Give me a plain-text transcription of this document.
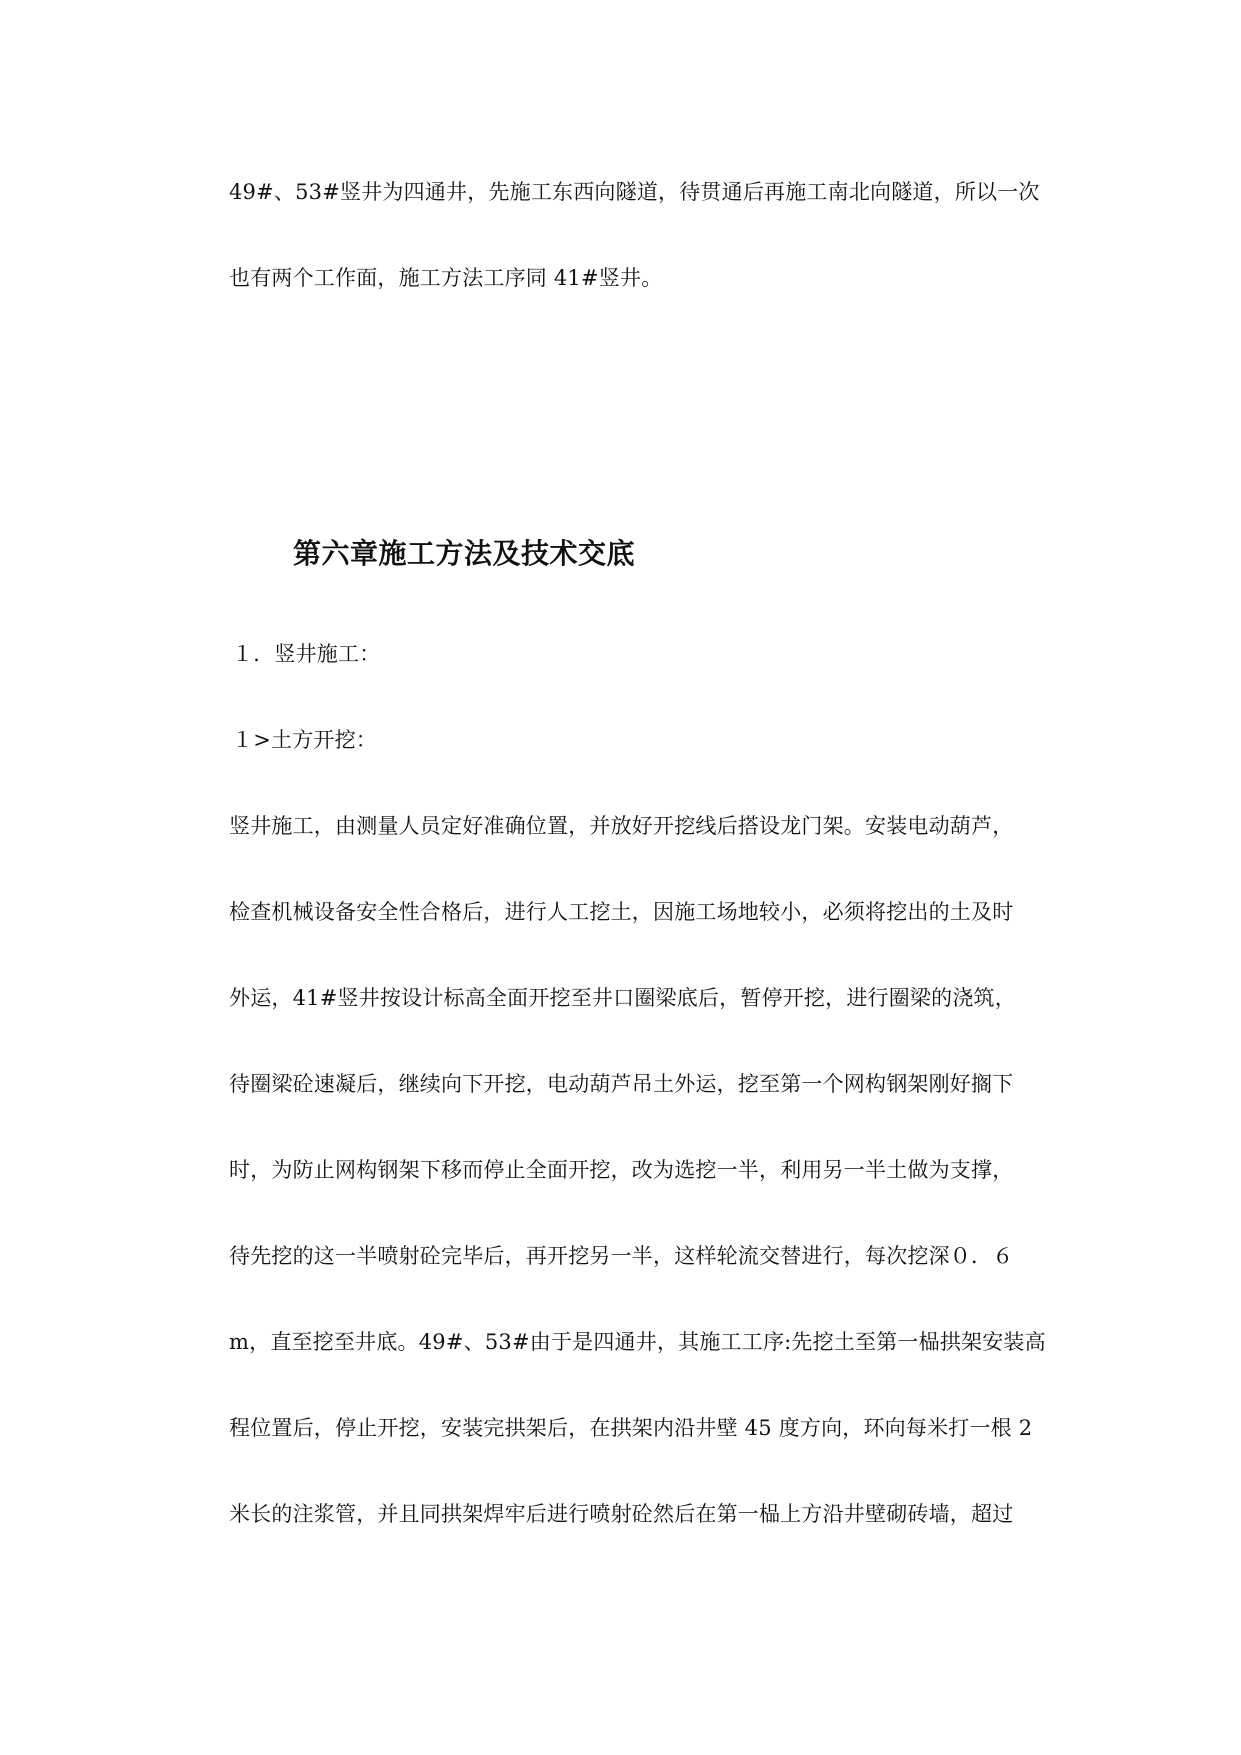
49#、53#竖井为四通井，先施工东西向隧道，待贯通后再施工南北向隧道，所以一次
也有两个工作面，施工方法工序同 41#竖井。
第六章施工方法及技术交底
１．竖井施工：
１>土方开挖：
竖井施工，由测量人员定好准确位置，并放好开挖线后搭设龙门架。安装电动葫芦，
检查机械设备安全性合格后，进行人工挖土，因施工场地较小，必须将挖出的土及时
外运，41#竖井按设计标高全面开挖至井口圈梁底后，暂停开挖，进行圈梁的浇筑，
待圈梁砼速凝后，继续向下开挖，电动葫芦吊土外运，挖至第一个网构钢架刚好搁下
时，为防止网构钢架下移而停止全面开挖，改为选挖一半，利用另一半土做为支撑，
待先挖的这一半喷射砼完毕后，再开挖另一半，这样轮流交替进行，每次挖深０．６
m，直至挖至井底。49#、53#由于是四通井，其施工工序:先挖土至第一榀拱架安装高
程位置后，停止开挖，安装完拱架后，在拱架内沿井壁 45 度方向，环向每米打一根 2
米长的注浆管，并且同拱架焊牢后进行喷射砼然后在第一榀上方沿井壁砌砖墙，超过
